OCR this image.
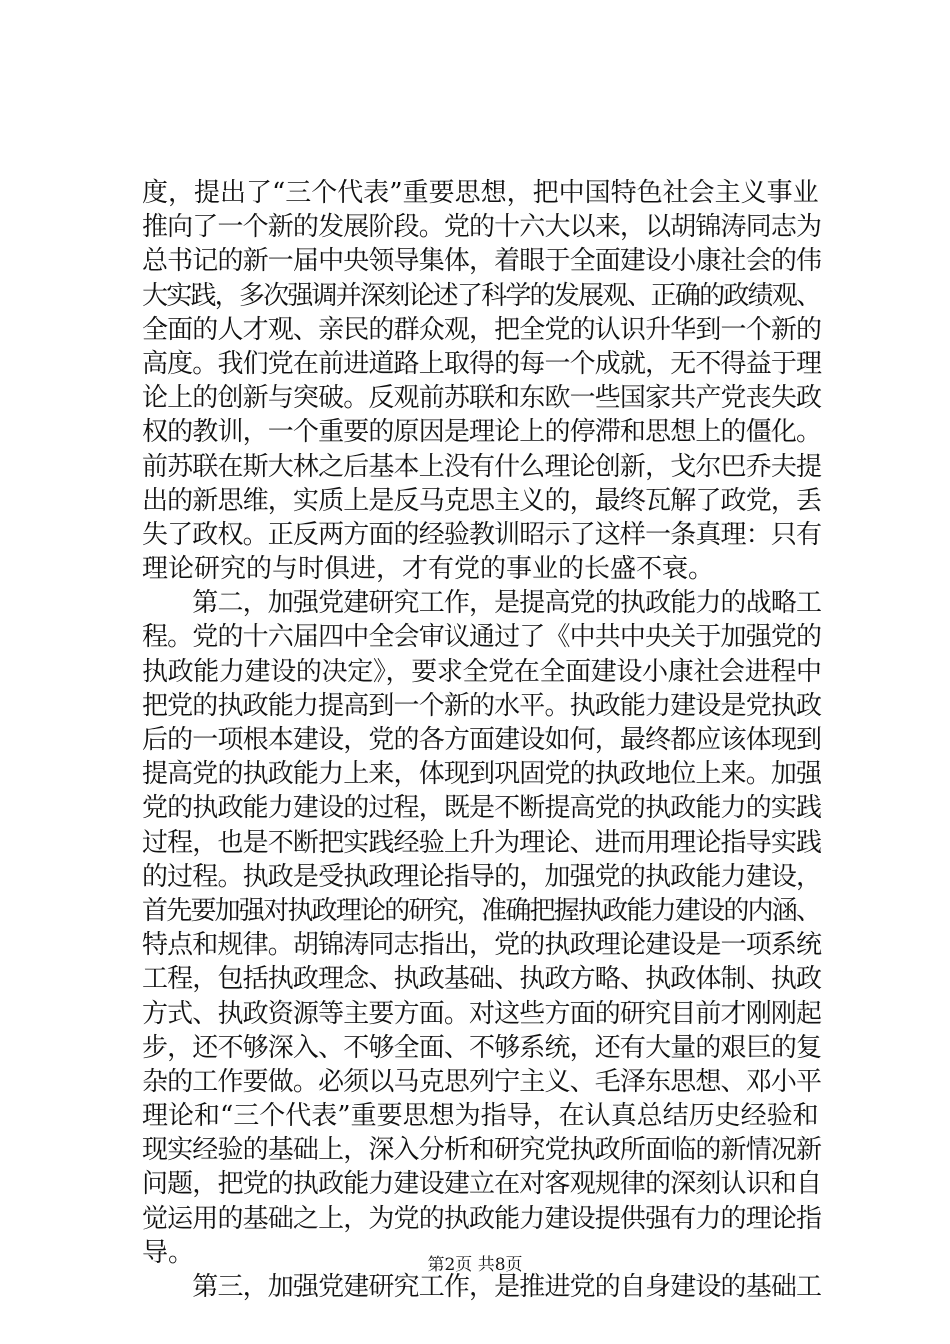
度，提出了“三个代表”重要思想，把中国特色社会主义事业
推向了一个新的发展阶段。党的十六大以来，以胡锦涛同志为
总书记的新一届中央领导集体，着眼于全面建设小康社会的伟
大实践，多次强调并深刻论述了科学的发展观、正确的政绩观、
全面的人才观、亲民的群众观，把全党的认识升华到一个新的
高度。我们党在前进道路上取得的每一个成就，无不得益于理
论上的创新与突破。反观前苏联和东欧一些国家共产党丧失政
权的教训，一个重要的原因是理论上的停滞和思想上的僵化。
前苏联在斯大林之后基本上没有什么理论创新，戈尔巴乔夫提
出的新思维，实质上是反马克思主义的，最终瓦解了政党，丢
失了政权。正反两方面的经验教训昭示了这样一条真理：只有
理论研究的与时俱进，才有党的事业的长盛不衰。
　　第二，加强党建研究工作，是提高党的执政能力的战略工
程。党的十六届四中全会审议通过了《中共中央关于加强党的
执政能力建设的决定》，要求全党在全面建设小康社会进程中
把党的执政能力提高到一个新的水平。执政能力建设是党执政
后的一项根本建设，党的各方面建设如何，最终都应该体现到
提高党的执政能力上来，体现到巩固党的执政地位上来。加强
党的执政能力建设的过程，既是不断提高党的执政能力的实践
过程，也是不断把实践经验上升为理论、进而用理论指导实践
的过程。执政是受执政理论指导的，加强党的执政能力建设，
首先要加强对执政理论的研究，准确把握执政能力建设的内涵、
特点和规律。胡锦涛同志指出，党的执政理论建设是一项系统
工程，包括执政理念、执政基础、执政方略、执政体制、执政
方式、执政资源等主要方面。对这些方面的研究目前才刚刚起
步，还不够深入、不够全面、不够系统，还有大量的艰巨的复
杂的工作要做。必须以马克思列宁主义、毛泽东思想、邓小平
理论和“三个代表”重要思想为指导，在认真总结历史经验和
现实经验的基础上，深入分析和研究党执政所面临的新情况新
问题，把党的执政能力建设建立在对客观规律的深刻认识和自
觉运用的基础之上，为党的执政能力建设提供强有力的理论指
导。
　　第三，加强党建研究工作，是推进党的自身建设的基础工
第2页 共8页
